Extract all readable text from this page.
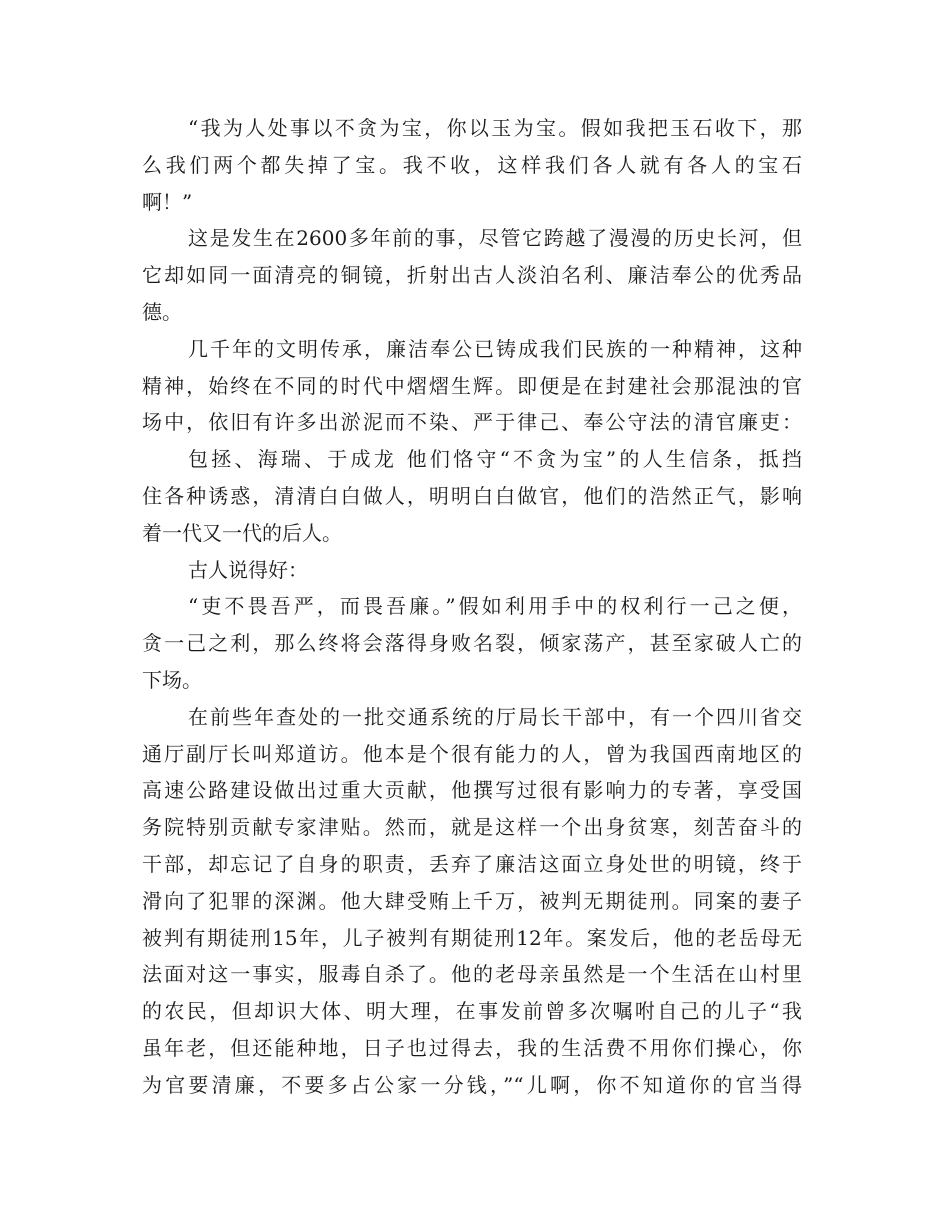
“我为人处事以不贪为宝，你以玉为宝。假如我把玉石收下，那
么我们两个都失掉了宝。我不收，这样我们各人就有各人的宝石
啊！”
这是发生在2600多年前的事，尽管它跨越了漫漫的历史长河，但
它却如同一面清亮的铜镜，折射出古人淡泊名利、廉洁奉公的优秀品
德。
几千年的文明传承，廉洁奉公已铸成我们民族的一种精神，这种
精神，始终在不同的时代中熠熠生辉。即便是在封建社会那混浊的官
场中，依旧有许多出淤泥而不染、严于律己、奉公守法的清官廉吏：
包拯、海瑞、于成龙 他们恪守“不贪为宝”的人生信条，抵挡
住各种诱惑，清清白白做人，明明白白做官，他们的浩然正气，影响
着一代又一代的后人。
古人说得好：
“吏不畏吾严，而畏吾廉。”假如利用手中的权利行一己之便，
贪一己之利，那么终将会落得身败名裂，倾家荡产，甚至家破人亡的
下场。
在前些年查处的一批交通系统的厅局长干部中，有一个四川省交
通厅副厅长叫郑道访。他本是个很有能力的人，曾为我国西南地区的
高速公路建设做出过重大贡献，他撰写过很有影响力的专著，享受国
务院特别贡献专家津贴。然而，就是这样一个出身贫寒，刻苦奋斗的
干部，却忘记了自身的职责，丢弃了廉洁这面立身处世的明镜，终于
滑向了犯罪的深渊。他大肆受贿上千万，被判无期徒刑。同案的妻子
被判有期徒刑15年，儿子被判有期徒刑12年。案发后，他的老岳母无
法面对这一事实，服毒自杀了。他的老母亲虽然是一个生活在山村里
的农民，但却识大体、明大理，在事发前曾多次嘱咐自己的儿子“我
虽年老，但还能种地，日子也过得去，我的生活费不用你们操心，你
为官要清廉，不要多占公家一分钱，”“儿啊，你不知道你的官当得
